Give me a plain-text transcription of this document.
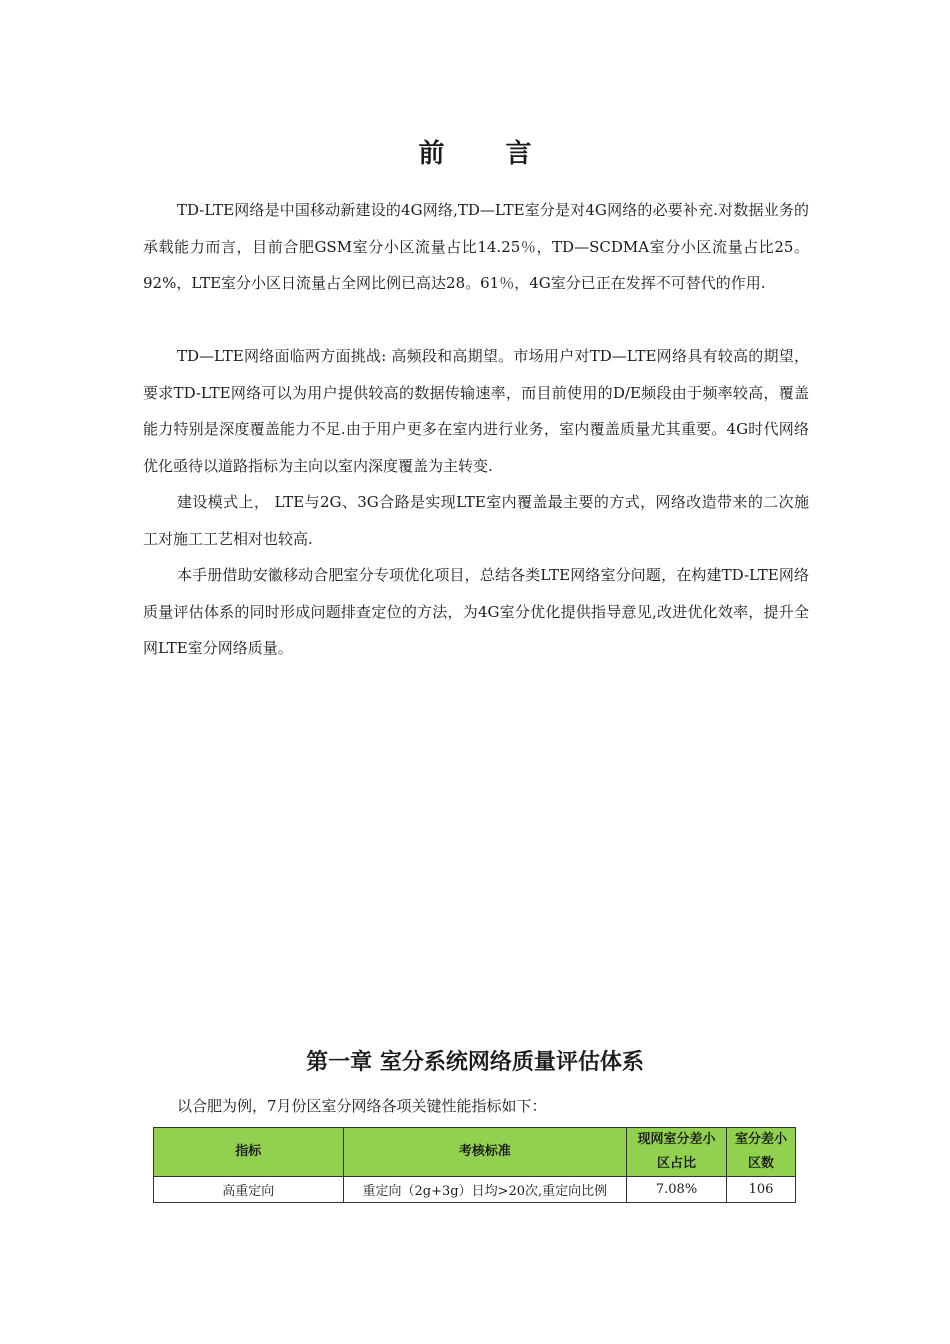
前 言

TD-LTE网络是中国移动新建设的4G网络,TD—LTE室分是对4G网络的必要补充.对数据业务的承载能力而言，目前合肥GSM室分小区流量占比14.25％，TD—SCDMA室分小区流量占比25。92%，LTE室分小区日流量占全网比例已高达28。61％，4G室分已正在发挥不可替代的作用.

TD—LTE网络面临两方面挑战: 高频段和高期望。市场用户对TD—LTE网络具有较高的期望，要求TD-LTE网络可以为用户提供较高的数据传输速率，而目前使用的D/E频段由于频率较高，覆盖能力特别是深度覆盖能力不足.由于用户更多在室内进行业务，室内覆盖质量尤其重要。4G时代网络优化亟待以道路指标为主向以室内深度覆盖为主转变.

建设模式上， LTE与2G、3G合路是实现LTE室内覆盖最主要的方式，网络改造带来的二次施工对施工工艺相对也较高.

本手册借助安徽移动合肥室分专项优化项目，总结各类LTE网络室分问题，在构建TD-LTE网络质量评估体系的同时形成问题排查定位的方法，为4G室分优化提供指导意见,改进优化效率，提升全网LTE室分网络质量。

第一章 室分系统网络质量评估体系
以合肥为例，7月份区室分网络各项关键性能指标如下：
指标	考核标准	现网室分差小区占比	室分差小区数
高重定向	重定向（2g+3g）日均>20次,重定向比例	7.08%	106
